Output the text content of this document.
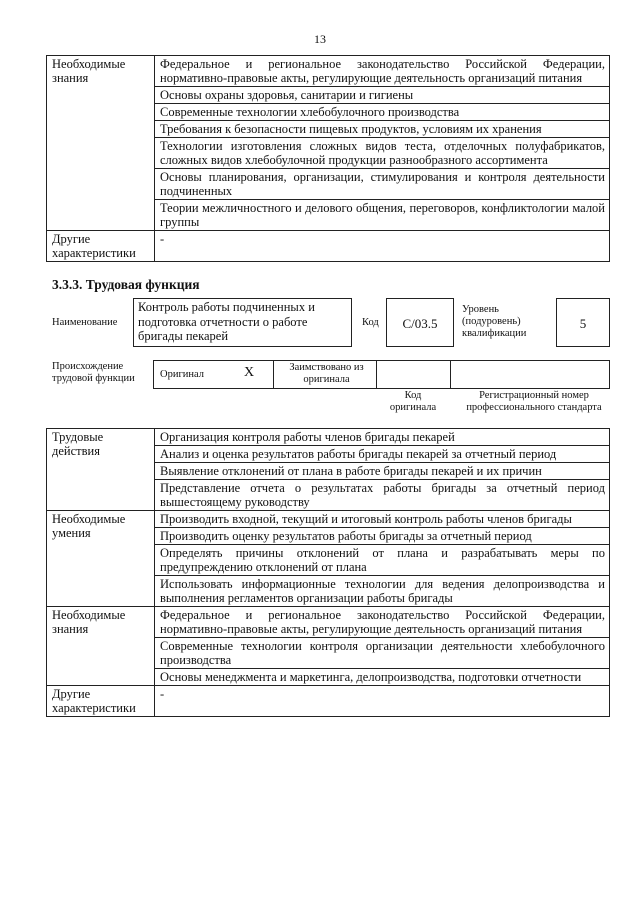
13
Необходимые знания	Федеральное и региональное законодательство Российской Федерации, нормативно-правовые акты, регулирующие деятельность организаций питания
	Основы охраны здоровья, санитарии и гигиены
	Современные технологии хлебобулочного производства
	Требования к безопасности пищевых продуктов, условиям их хранения
	Технологии изготовления сложных видов теста, отделочных полуфабрикатов, сложных видов хлебобулочной продукции разнообразного ассортимента
	Основы планирования, организации, стимулирования и контроля деятельности подчиненных
	Теории межличностного и делового общения, переговоров, конфликтологии малой группы
Другие характеристики	-
3.3.3. Трудовая функция
Наименование
Контроль работы подчиненных и подготовка отчетности о работе бригады пекарей
Код	С/03.5
Уровень (подуровень) квалификации
5
Происхождение трудовой функции	Оригинал	X	Заимствовано из оригинала
Код оригинала
Регистрационный номер профессионального стандарта
Трудовые действия	Организация контроля работы членов бригады пекарей
	Анализ и оценка результатов работы бригады пекарей за отчетный период
	Выявление отклонений от плана в работе бригады пекарей и их причин
	Представление отчета о результатах работы бригады за отчетный период вышестоящему руководству
Необходимые умения	Производить входной, текущий и итоговый контроль работы членов бригады
	Производить оценку результатов работы бригады за отчетный период
	Определять причины отклонений от плана и разрабатывать меры по предупреждению отклонений от плана
	Использовать информационные технологии для ведения делопроизводства и выполнения регламентов организации работы бригады
Необходимые знания	Федеральное и региональное законодательство Российской Федерации, нормативно-правовые акты, регулирующие деятельность организаций питания
	Современные технологии контроля организации деятельности хлебобулочного производства
	Основы менеджмента и маркетинга, делопроизводства, подготовки отчетности
Другие характеристики	-
